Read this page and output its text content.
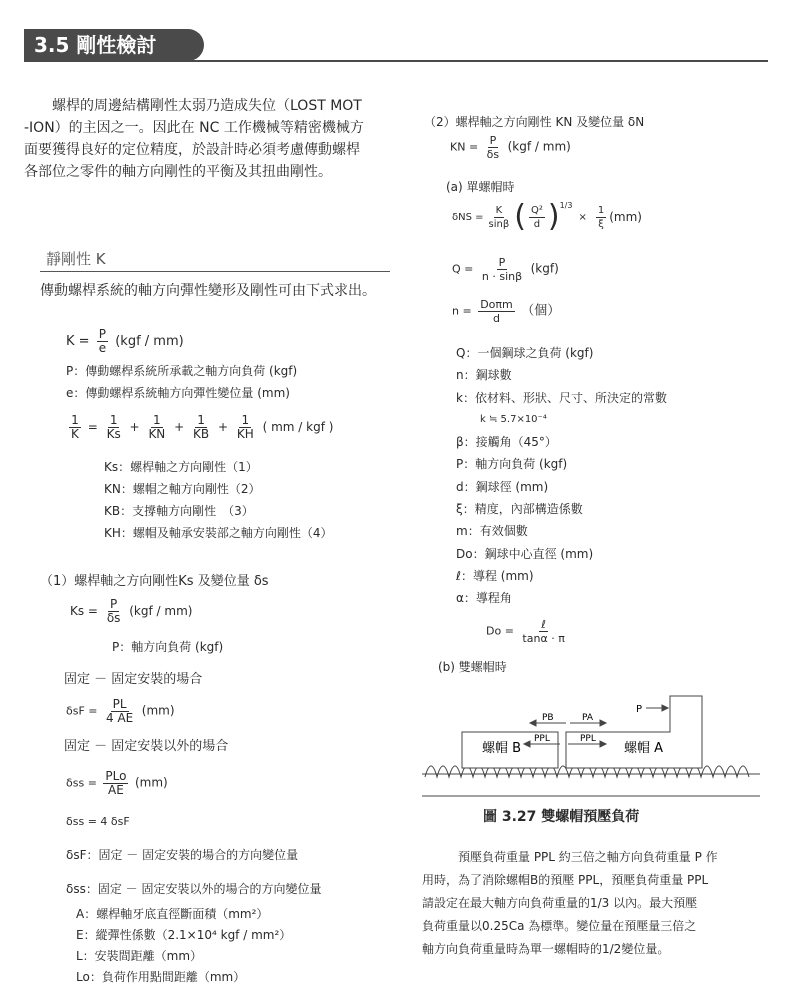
3.5 剛性檢討
螺桿的周邊結構剛性太弱乃造成失位（LOST MOT
-ION）的主因之一。因此在 NC 工作機械等精密機械方
面要獲得良好的定位精度，於設計時必須考慮傳動螺桿
各部位之零件的軸方向剛性的平衡及其扭曲剛性。
靜剛性 K
傳動螺桿系統的軸方向彈性變形及剛性可由下式求出。
$K = \frac{P}{e} (kgf / mm)$
P：傳動螺桿系統所承載之軸方向負荷 (kgf)
e：傳動螺桿系統軸方向彈性變位量 (mm)
$\frac{1}{K} = \frac{1}{Ks} + \frac{1}{KN} + \frac{1}{KB} + \frac{1}{KH}$ ( mm / kgf )
Ks：螺桿軸之方向剛性（1）
KN：螺帽之軸方向剛性（2）
KB：支撐軸方向剛性　（3）
KH：螺帽及軸承安裝部之軸方向剛性（4）
（1）螺桿軸之方向剛性Ks 及變位量 δs
$Ks = \frac{P}{\delta s} (kgf / mm)$
P：軸方向負荷 (kgf)
固定 － 固定安裝的場合
$\delta sF = \frac{PL}{4 AE} (mm)$
固定 － 固定安裝以外的場合
$\delta ss = \frac{\text{PLo}}{AE} (mm)$
δss = 4 δsF
δsF：固定 － 固定安裝的場合的方向變位量
δss：固定 － 固定安裝以外的場合的方向變位量
A：螺桿軸牙底直徑斷面積（mm²）
E：縱彈性係數（2.1×10⁴ kgf / mm²）
L：安裝間距離（mm）
Lo：負荷作用點間距離（mm）
（2）螺桿軸之方向剛性 KN 及變位量 δN
KN = $\frac{P}{\delta s} (kgf / mm)$
(a) 單螺帽時
$\delta NS = \frac{K}{\sin\beta}$ ( $\frac{\text{Q²}}{d}$ ) 1/3
× $\frac{1}{\xi} (mm)$
$Q = \frac{P}{n \cdot \sin\beta} (kgf)$
$n = \frac{\text{Doπm}}{d}$ （個）
Q：一個鋼球之負荷 (kgf)
n：鋼球數
k：依材料、形狀、尺寸、所決定的常數
k ≒ 5.7×10⁻⁴
β：接觸角（45°）
P：軸方向負荷 (kgf)
d：鋼球徑 (mm)
ξ：精度，內部構造係數
m：有效個數
Do：鋼球中心直徑 (mm)
ℓ：導程 (mm)
α：導程角
$Do = \frac{\text{ℓ}}{\tan\alpha \cdot \pi}$
(b) 雙螺帽時
P
PB	PA
PPL	PPL
螺帽 B	螺帽 A
圖 3.27 雙螺帽預壓負荷
預壓負荷重量 PPL 約三倍之軸方向負荷重量 P 作
用時，為了消除螺帽B的預壓 PPL，預壓負荷重量 PPL
請設定在最大軸方向負荷重量的1/3 以內。最大預壓
負荷重量以0.25Ca 為標準。變位量在預壓量三倍之
軸方向負荷重量時為單一螺帽時的1/2變位量。
